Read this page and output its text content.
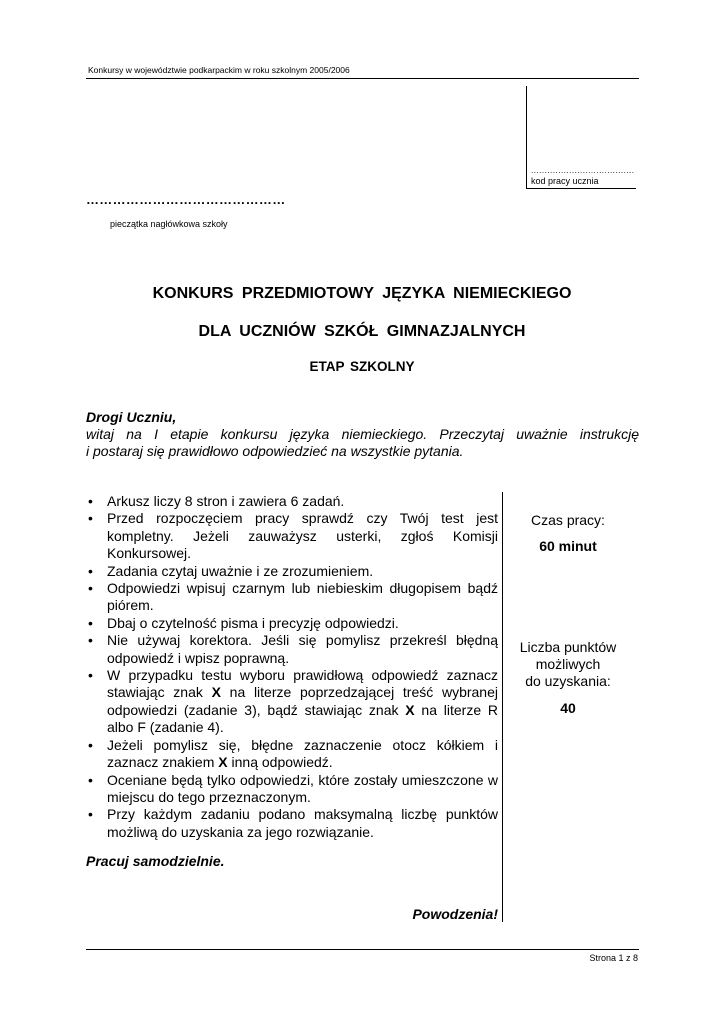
Konkursy w województwie podkarpackim w roku szkolnym 2005/2006
......................................
kod pracy ucznia
………………………………………
pieczątka nagłówkowa szkoły
KONKURS PRZEDMIOTOWY JĘZYKA NIEMIECKIEGO
DLA UCZNIÓW SZKÓŁ GIMNAZJALNYCH
ETAP SZKOLNY
Drogi Uczniu,
witaj na I etapie konkursu języka niemieckiego. Przeczytaj uważnie instrukcję
i postaraj się prawidłowo odpowiedzieć na wszystkie pytania.
• Arkusz liczy 8 stron i zawiera 6 zadań.
• Przed rozpoczęciem pracy sprawdź czy Twój test jest kompletny. Jeżeli zauważysz usterki, zgłoś Komisji Konkursowej.
• Zadania czytaj uważnie i ze zrozumieniem.
• Odpowiedzi wpisuj czarnym lub niebieskim długopisem bądź piórem.
• Dbaj o czytelność pisma i precyzję odpowiedzi.
• Nie używaj korektora. Jeśli się pomylisz przekreśl błędną odpowiedź i wpisz poprawną.
• W przypadku testu wyboru prawidłową odpowiedź zaznacz stawiając znak X na literze poprzedzającej treść wybranej odpowiedzi (zadanie 3), bądź stawiając znak X na literze R albo F (zadanie 4).
• Jeżeli pomylisz się, błędne zaznaczenie otocz kółkiem i zaznacz znakiem X inną odpowiedź.
• Oceniane będą tylko odpowiedzi, które zostały umieszczone w miejscu do tego przeznaczonym.
• Przy każdym zadaniu podano maksymalną liczbę punktów możliwą do uzyskania za jego rozwiązanie.
Czas pracy:
60 minut
Liczba punktów
możliwych
do uzyskania:
40
Pracuj samodzielnie.
Powodzenia!
Strona 1 z 8
